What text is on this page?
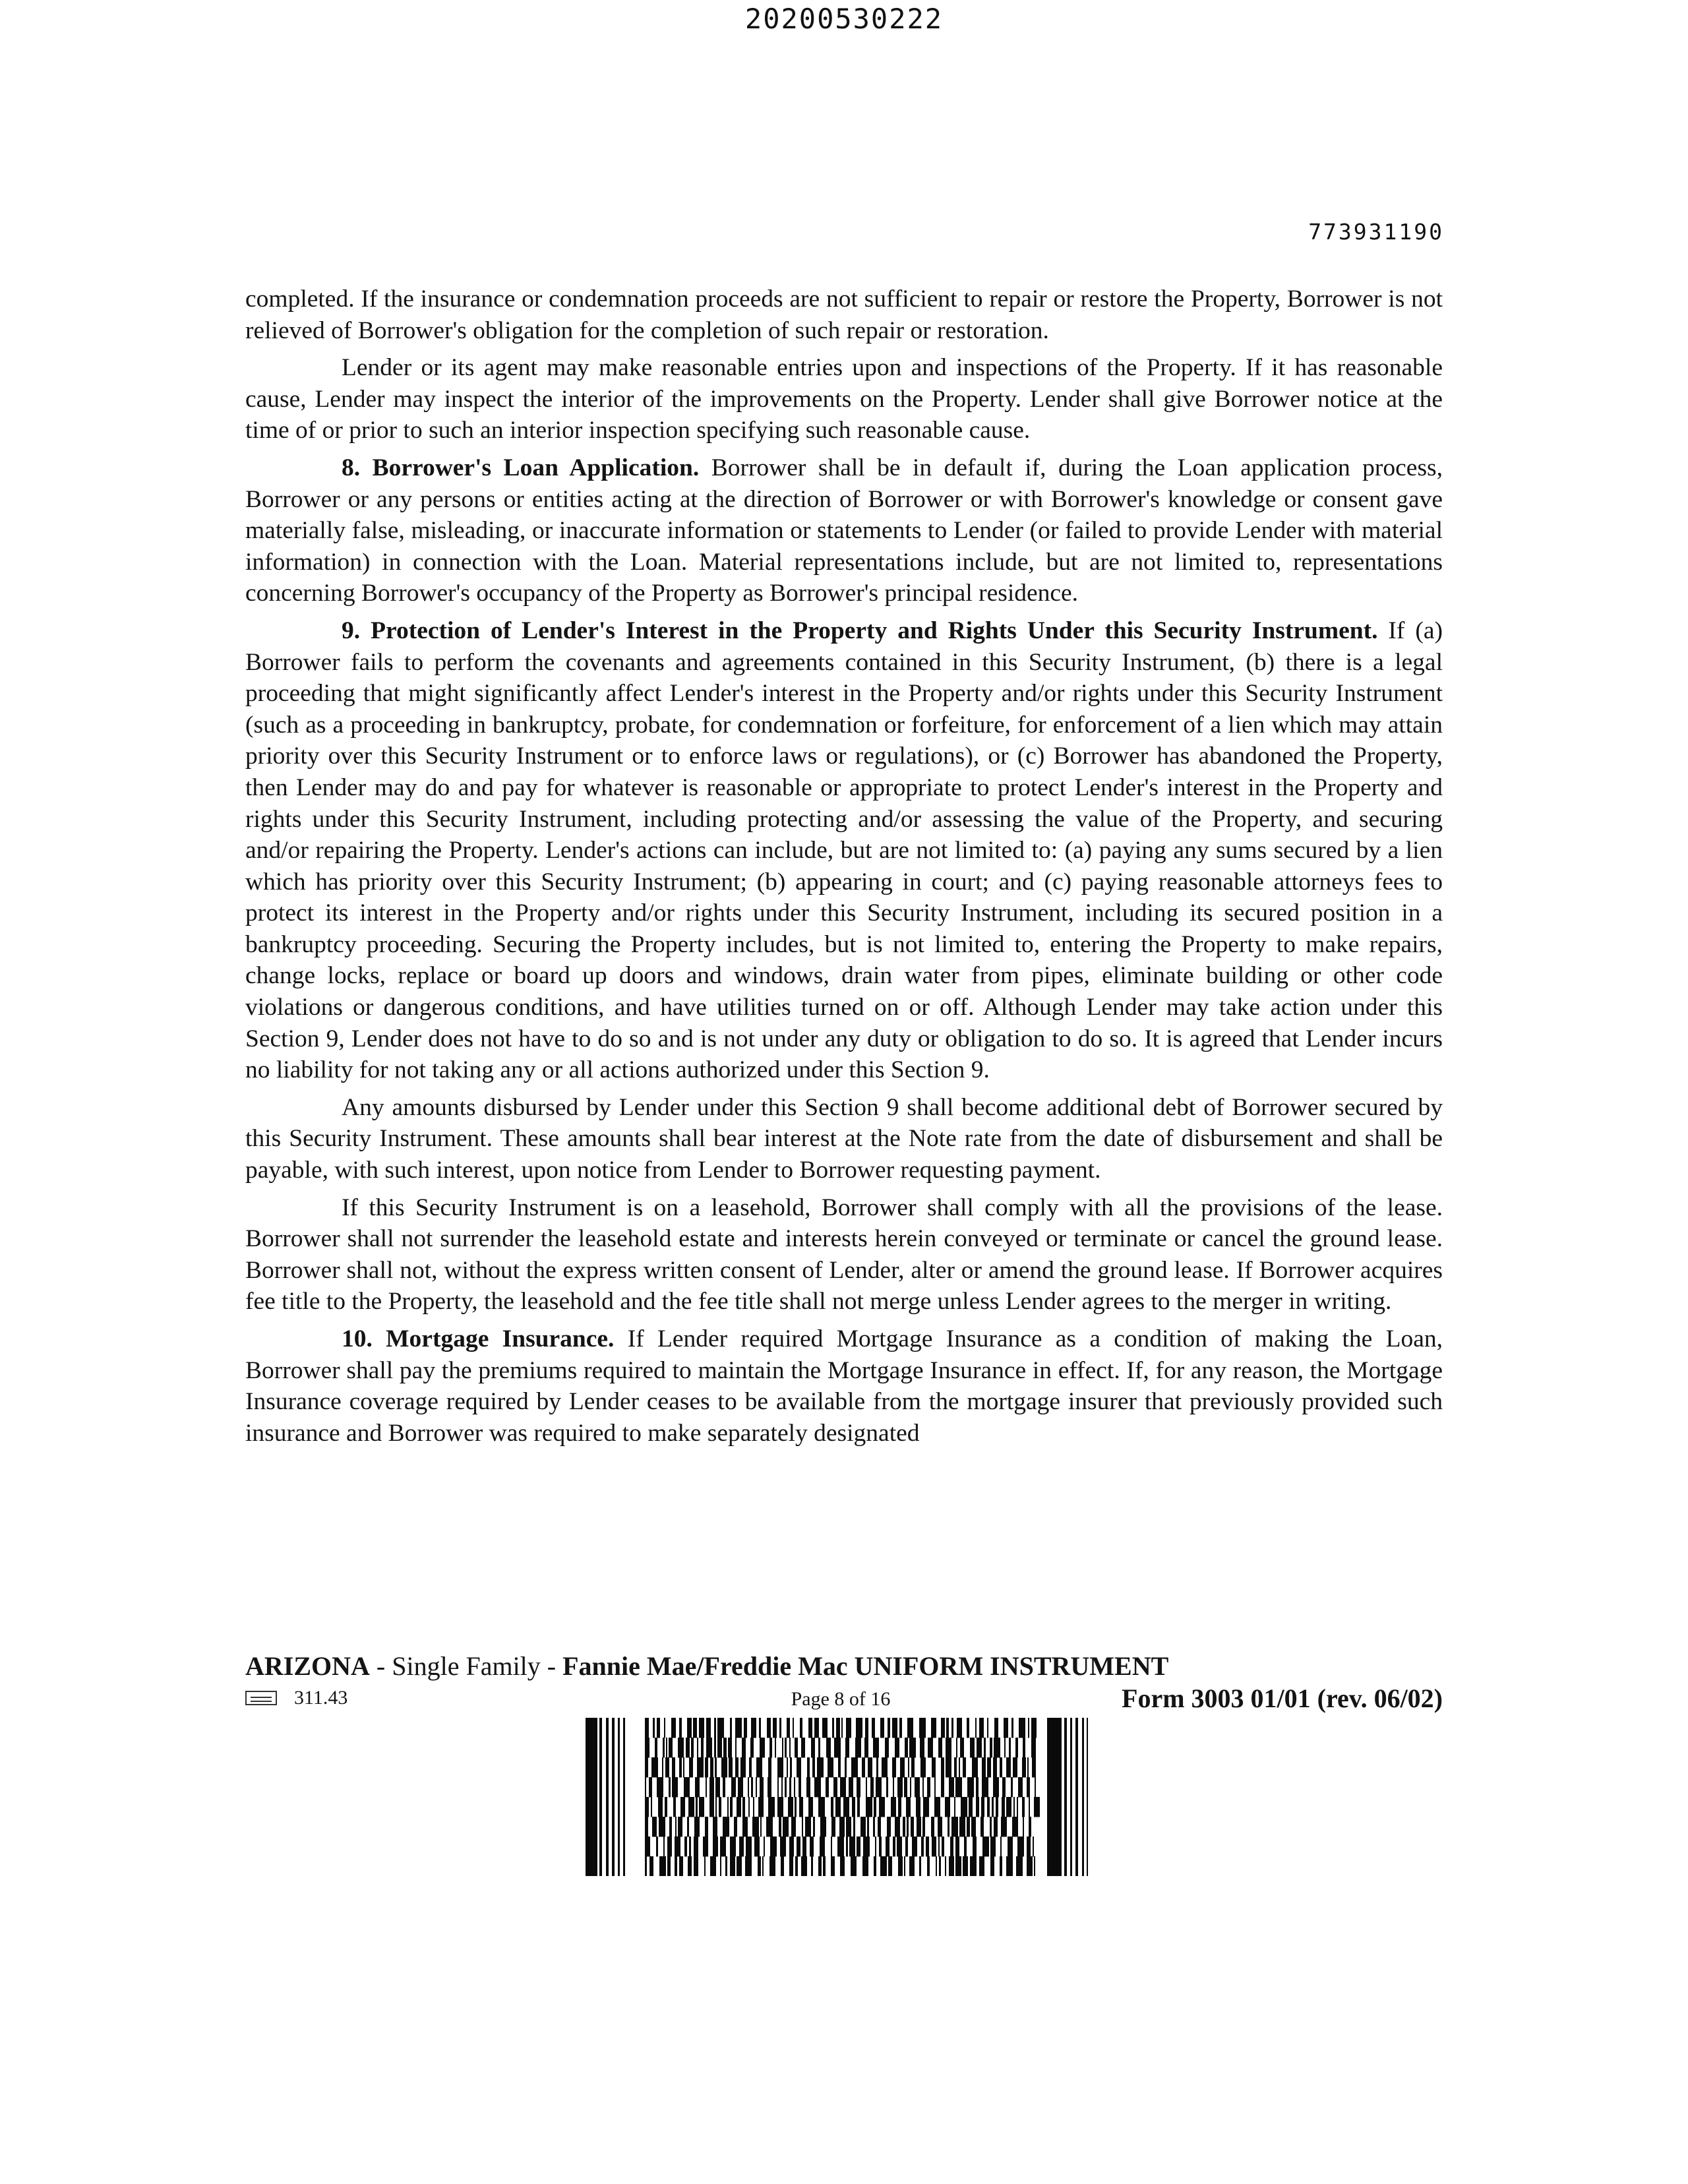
20200530222
773931190

completed. If the insurance or condemnation proceeds are not sufficient to repair or restore the Property, Borrower is not relieved of Borrower's obligation for the completion of such repair or restoration.

Lender or its agent may make reasonable entries upon and inspections of the Property. If it has reasonable cause, Lender may inspect the interior of the improvements on the Property. Lender shall give Borrower notice at the time of or prior to such an interior inspection specifying such reasonable cause.

8. Borrower's Loan Application. Borrower shall be in default if, during the Loan application process, Borrower or any persons or entities acting at the direction of Borrower or with Borrower's knowledge or consent gave materially false, misleading, or inaccurate information or statements to Lender (or failed to provide Lender with material information) in connection with the Loan. Material representations include, but are not limited to, representations concerning Borrower's occupancy of the Property as Borrower's principal residence.

9. Protection of Lender's Interest in the Property and Rights Under this Security Instrument. If (a) Borrower fails to perform the covenants and agreements contained in this Security Instrument, (b) there is a legal proceeding that might significantly affect Lender's interest in the Property and/or rights under this Security Instrument (such as a proceeding in bankruptcy, probate, for condemnation or forfeiture, for enforcement of a lien which may attain priority over this Security Instrument or to enforce laws or regulations), or (c) Borrower has abandoned the Property, then Lender may do and pay for whatever is reasonable or appropriate to protect Lender's interest in the Property and rights under this Security Instrument, including protecting and/or assessing the value of the Property, and securing and/or repairing the Property. Lender's actions can include, but are not limited to: (a) paying any sums secured by a lien which has priority over this Security Instrument; (b) appearing in court; and (c) paying reasonable attorneys fees to protect its interest in the Property and/or rights under this Security Instrument, including its secured position in a bankruptcy proceeding. Securing the Property includes, but is not limited to, entering the Property to make repairs, change locks, replace or board up doors and windows, drain water from pipes, eliminate building or other code violations or dangerous conditions, and have utilities turned on or off. Although Lender may take action under this Section 9, Lender does not have to do so and is not under any duty or obligation to do so. It is agreed that Lender incurs no liability for not taking any or all actions authorized under this Section 9.

Any amounts disbursed by Lender under this Section 9 shall become additional debt of Borrower secured by this Security Instrument. These amounts shall bear interest at the Note rate from the date of disbursement and shall be payable, with such interest, upon notice from Lender to Borrower requesting payment.

If this Security Instrument is on a leasehold, Borrower shall comply with all the provisions of the lease. Borrower shall not surrender the leasehold estate and interests herein conveyed or terminate or cancel the ground lease. Borrower shall not, without the express written consent of Lender, alter or amend the ground lease. If Borrower acquires fee title to the Property, the leasehold and the fee title shall not merge unless Lender agrees to the merger in writing.

10. Mortgage Insurance. If Lender required Mortgage Insurance as a condition of making the Loan, Borrower shall pay the premiums required to maintain the Mortgage Insurance in effect. If, for any reason, the Mortgage Insurance coverage required by Lender ceases to be available from the mortgage insurer that previously provided such insurance and Borrower was required to make separately designated

ARIZONA - Single Family - Fannie Mae/Freddie Mac UNIFORM INSTRUMENT
311.43	Page 8 of 16	Form 3003 01/01 (rev. 06/02)
